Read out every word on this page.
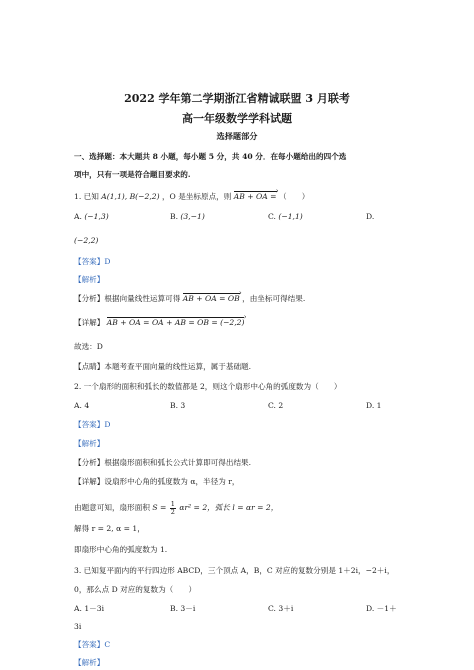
2022 学年第二学期浙江省精诚联盟 3 月联考
高一年级数学学科试题
选择题部分
一、选择题：本大题共 8 小题，每小题 5 分，共 40 分．在每小题给出的四个选
项中，只有一项是符合题目要求的.
1. 已知 A(1,1), B(−2,2) ，O 是坐标原点，则 AB + OA = › （　　）
A. (−1,3)	B. (3,−1)	C. (−1,1)	D.
(−2,2)
【答案】D
【解析】
【分析】根据向量线性运算可得 AB + OA = OB › ，由坐标可得结果.
【详解】 AB + OA = OA + AB = OB = (−2,2) ›
故选：D
【点睛】本题考查平面向量的线性运算，属于基础题.
2. 一个扇形的面积和弧长的数值都是 2，则这个扇形中心角的弧度数为（　　）
A. 4	B. 3	C. 2	D. 1
【答案】D
【解析】
【分析】根据扇形面积和弧长公式计算即可得出结果.
【详解】设扇形中心角的弧度数为 α，半径为 r，
由题意可知，扇形面积 $S = \frac{1}{2} \alpha r^2 = 2$，弧长 l = αr = 2，
解得 r = 2, α = 1，
即扇形中心角的弧度数为 1.
3. 已知复平面内的平行四边形 ABCD，三个顶点 A，B，C 对应的复数分别是 1＋2i，−2＋i，
0，那么点 D 对应的复数为（　　）
A. 1－3i	B. 3－i	C. 3＋i	D. －1＋
3i
【答案】C
【解析】
